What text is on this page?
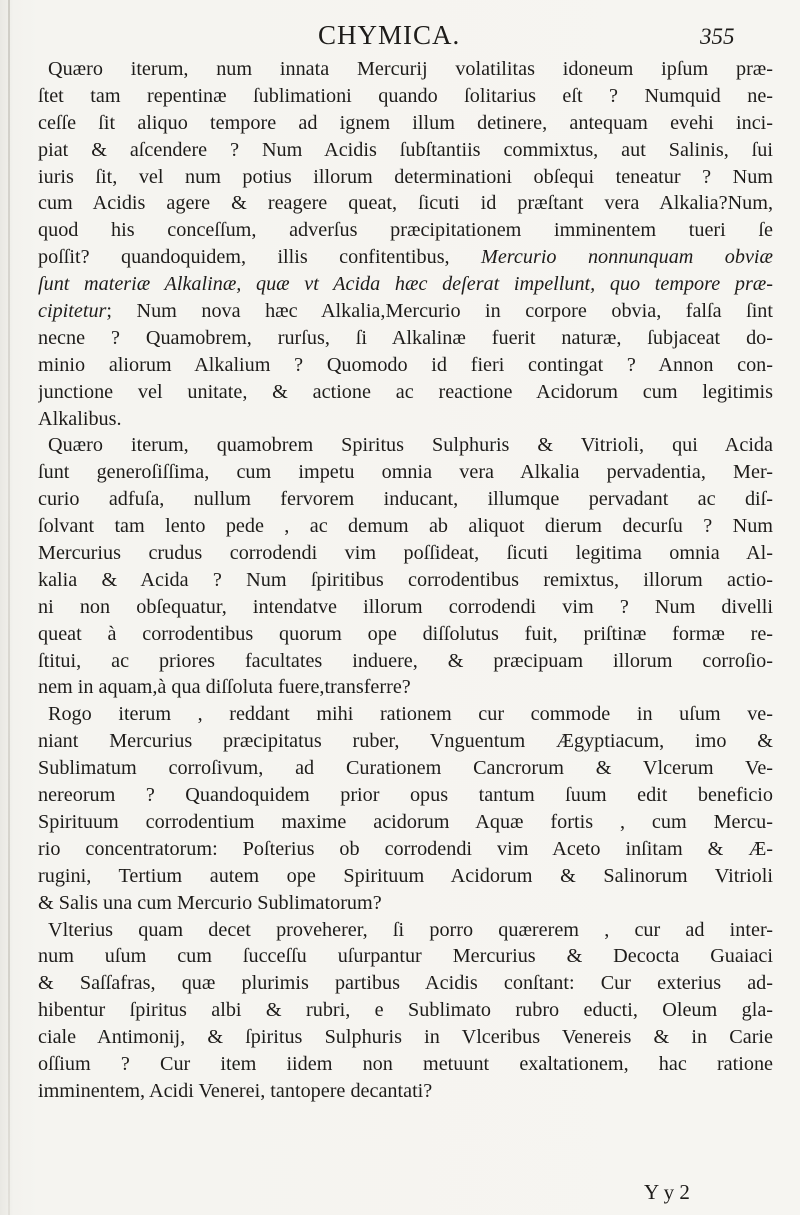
CHYMICA.	355

Quæro iterum, num innata Mercurij volatilitas idoneum ipſum præ-
ſtet tam repentinæ ſublimationi quando ſolitarius eſt ? Numquid ne-
ceſſe ſit aliquo tempore ad ignem illum detinere, antequam evehi inci-
piat & aſcendere ? Num Acidis ſubſtantiis commixtus, aut Salinis, ſui
iuris ſit, vel num potius illorum determinationi obſequi teneatur ? Num
cum Acidis agere & reagere queat, ſicuti id præſtant vera Alkalia?Num,
quod his conceſſum, adverſus præcipitationem imminentem tueri ſe
poſſit? quandoquidem, illis confitentibus, Mercurio nonnunquam obviæ
ſunt materiæ Alkalinæ, quæ vt Acida hæc deſerat impellunt, quo tempore præ-
cipitetur; Num nova hæc Alkalia,Mercurio in corpore obvia, falſa ſint
necne ? Quamobrem, rurſus, ſi Alkalinæ fuerit naturæ, ſubjaceat do-
minio aliorum Alkalium ? Quomodo id fieri contingat ? Annon con-
junctione vel unitate, & actione ac reactione Acidorum cum legitimis
Alkalibus.
Quæro iterum, quamobrem Spiritus Sulphuris & Vitrioli, qui Acida
ſunt generoſiſſima, cum impetu omnia vera Alkalia pervadentia, Mer-
curio adfuſa, nullum fervorem inducant, illumque pervadant ac diſ-
ſolvant tam lento pede , ac demum ab aliquot dierum decurſu ? Num
Mercurius crudus corrodendi vim poſſideat, ſicuti legitima omnia Al-
kalia & Acida ? Num ſpiritibus corrodentibus remixtus, illorum actio-
ni non obſequatur, intendatve illorum corrodendi vim ? Num divelli
queat à corrodentibus quorum ope diſſolutus fuit, priſtinæ formæ re-
ſtitui, ac priores facultates induere, & præcipuam illorum corroſio-
nem in aquam,à qua diſſoluta fuere,transferre?
Rogo iterum , reddant mihi rationem cur commode in uſum ve-
niant Mercurius præcipitatus ruber, Vnguentum Ægyptiacum, imo &
Sublimatum corroſivum, ad Curationem Cancrorum & Vlcerum Ve-
nereorum ? Quandoquidem prior opus tantum ſuum edit beneficio
Spirituum corrodentium maxime acidorum Aquæ fortis , cum Mercu-
rio concentratorum: Poſterius ob corrodendi vim Aceto inſitam & Æ-
rugini, Tertium autem ope Spirituum Acidorum & Salinorum Vitrioli
& Salis una cum Mercurio Sublimatorum?
Vlterius quam decet proveherer, ſi porro quærerem , cur ad inter-
num uſum cum ſucceſſu uſurpantur Mercurius & Decocta Guaiaci
& Saſſafras, quæ plurimis partibus Acidis conſtant: Cur exterius ad-
hibentur ſpiritus albi & rubri, e Sublimato rubro educti, Oleum gla-
ciale Antimonij, & ſpiritus Sulphuris in Vlceribus Venereis & in Carie
oſſium ? Cur item iidem non metuunt exaltationem, hac ratione
imminentem, Acidi Venerei, tantopere decantati?

Y y 2
